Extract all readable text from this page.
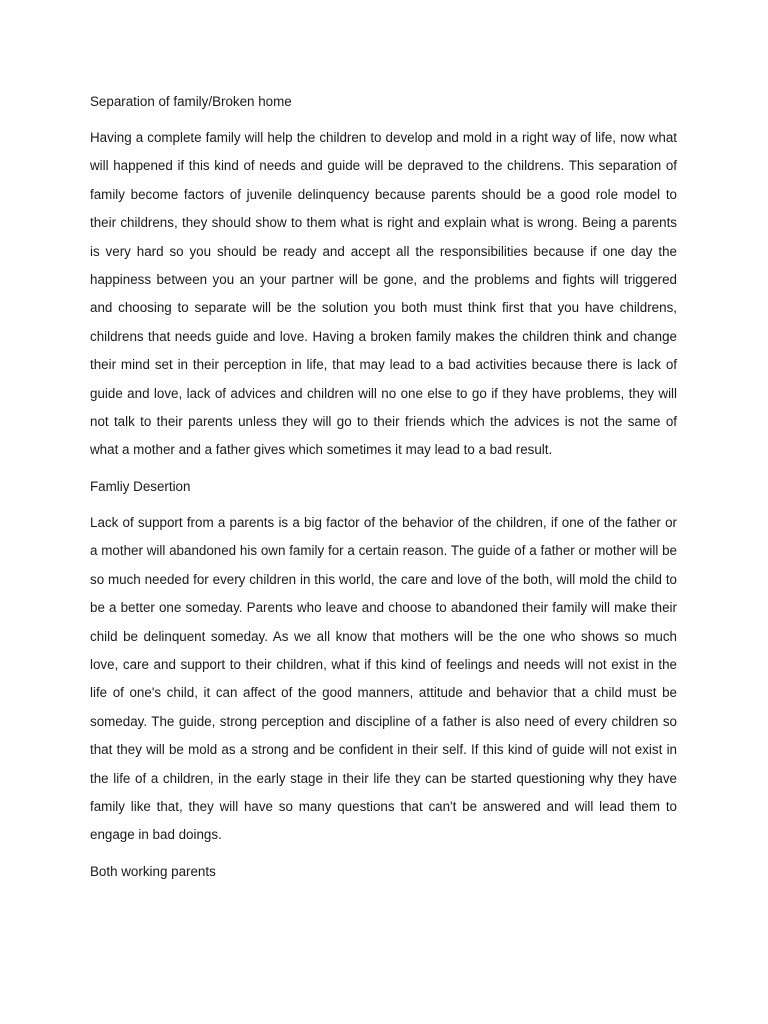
Separation of family/Broken home

Having a complete family will help the children to develop and mold in a right way of life, now what will happened if this kind of needs and guide will be depraved to the childrens. This separation of family become factors of juvenile delinquency because parents should be a good role model to their childrens, they should show to them what is right and explain what is wrong. Being a parents is very hard so you should be ready and accept all the responsibilities because if one day the happiness between you an your partner will be gone, and the problems and fights will triggered and choosing to separate will be the solution you both must think first that you have childrens, childrens that needs guide and love. Having a broken family makes the children think and change their mind set in their perception in life, that may lead to a bad activities because there is lack of guide and love, lack of advices and children will no one else to go if they have problems, they will not talk to their parents unless they will go to their friends which the advices is not the same of what a mother and a father gives which sometimes it may lead to a bad result.

Famliy Desertion

Lack of support from a parents is a big factor of the behavior of the children, if one of the father or a mother will abandoned his own family for a certain reason. The guide of a father or mother will be so much needed for every children in this world, the care and love of the both, will mold the child to be a better one someday. Parents who leave and choose to abandoned their family will make their child be delinquent someday. As we all know that mothers will be the one who shows so much love, care and support to their children, what if this kind of feelings and needs will not exist in the life of one's child, it can affect of the good manners, attitude and behavior that a child must be someday. The guide, strong perception and discipline of a father is also need of every children so that they will be mold as a strong and be confident in their self. If this kind of guide will not exist in the life of a children, in the early stage in their life they can be started questioning why they have family like that, they will have so many questions that can't be answered and will lead them to engage in bad doings.

Both working parents
